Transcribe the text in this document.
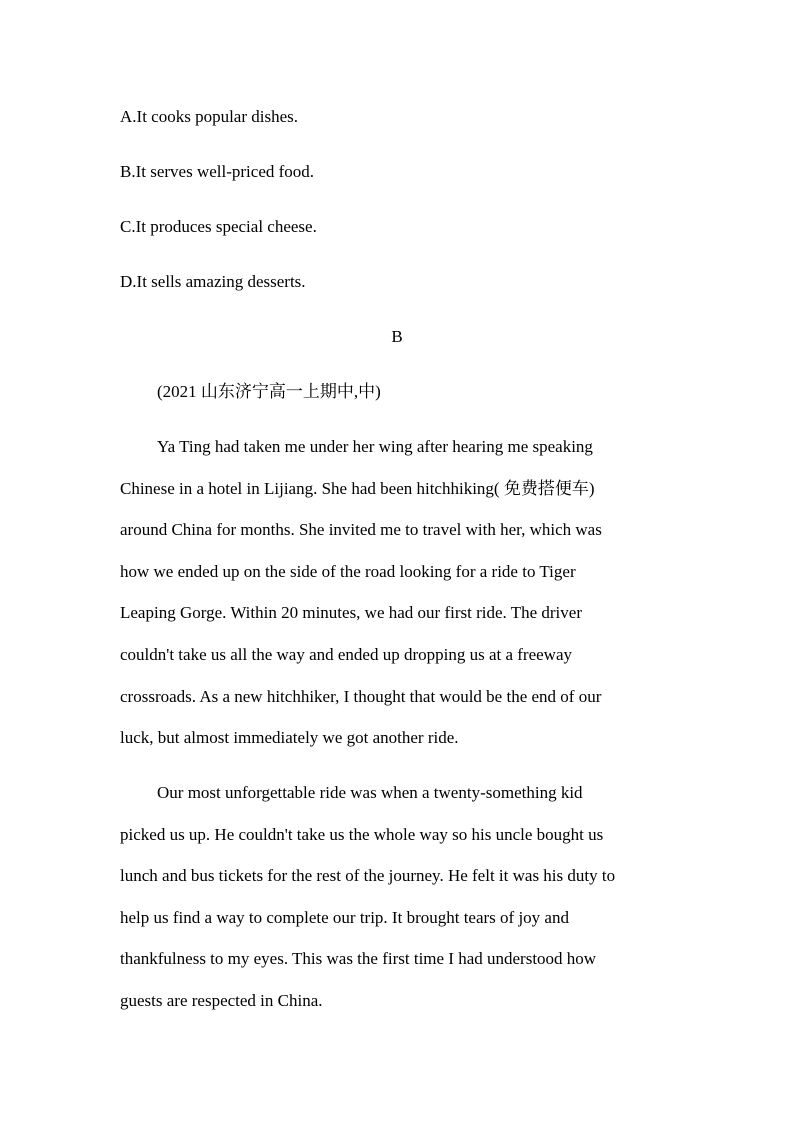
A.It cooks popular dishes.

B.It serves well-priced food.

C.It produces special cheese.

D.It sells amazing desserts.

B

(2021 山东济宁高一上期中,中)

Ya Ting had taken me under her wing after hearing me speaking
Chinese in a hotel in Lijiang. She had been hitchhiking( 免费搭便车)
around China for months. She invited me to travel with her, which was
how we ended up on the side of the road looking for a ride to Tiger
Leaping Gorge. Within 20 minutes, we had our first ride. The driver
couldn't take us all the way and ended up dropping us at a freeway
crossroads. As a new hitchhiker, I thought that would be the end of our
luck, but almost immediately we got another ride.
Our most unforgettable ride was when a twenty-something kid
picked us up. He couldn't take us the whole way so his uncle bought us
lunch and bus tickets for the rest of the journey. He felt it was his duty to
help us find a way to complete our trip. It brought tears of joy and
thankfulness to my eyes. This was the first time I had understood how
guests are respected in China.
